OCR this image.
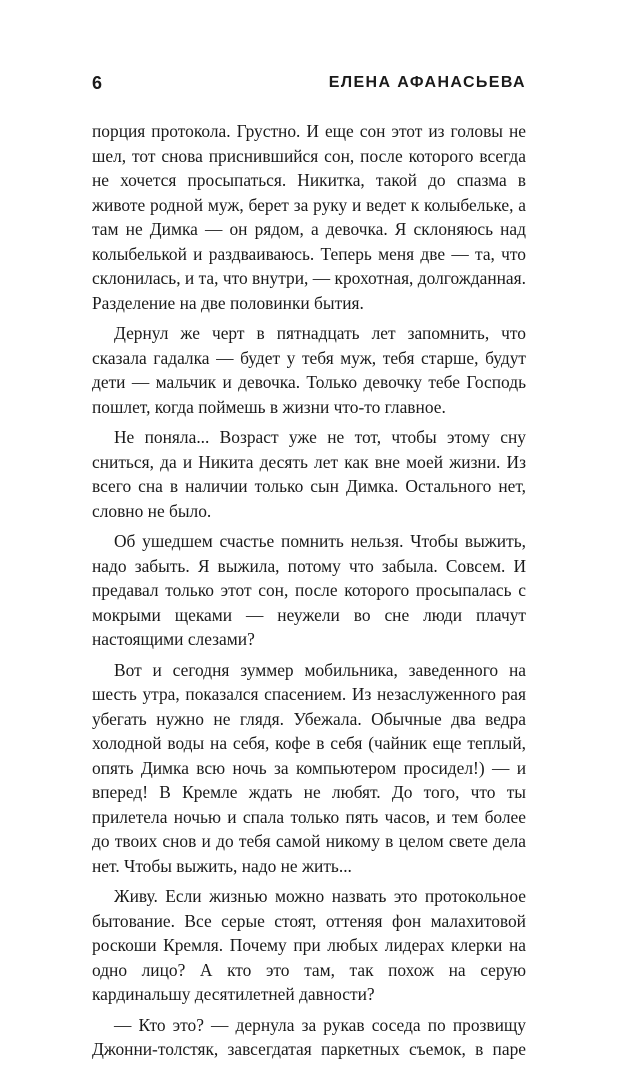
6	ЕЛЕНА АФАНАСЬЕВА

порция протокола. Грустно. И еще сон этот из головы не шел, тот снова приснившийся сон, после которого всегда не хочется просыпаться. Никитка, такой до спазма в животе родной муж, берет за руку и ведет к колыбельке, а там не Димка — он рядом, а девочка. Я склоняюсь над колыбелькой и раздваиваюсь. Теперь меня две — та, что склонилась, и та, что внутри, — крохотная, долгожданная. Разделение на две половинки бытия.

Дернул же черт в пятнадцать лет запомнить, что сказала гадалка — будет у тебя муж, тебя старше, будут дети — мальчик и девочка. Только девочку тебе Господь пошлет, когда поймешь в жизни что-то главное.

Не поняла... Возраст уже не тот, чтобы этому сну сниться, да и Никита десять лет как вне моей жизни. Из всего сна в наличии только сын Димка. Остального нет, словно не было.

Об ушедшем счастье помнить нельзя. Чтобы выжить, надо забыть. Я выжила, потому что забыла. Совсем. И предавал только этот сон, после которого просыпалась с мокрыми щеками — неужели во сне люди плачут настоящими слезами?

Вот и сегодня зуммер мобильника, заведенного на шесть утра, показался спасением. Из незаслуженного рая убегать нужно не глядя. Убежала. Обычные два ведра холодной воды на себя, кофе в себя (чайник еще теплый, опять Димка всю ночь за компьютером просидел!) — и вперед! В Кремле ждать не любят. До того, что ты прилетела ночью и спала только пять часов, и тем более до твоих снов и до тебя самой никому в целом свете дела нет. Чтобы выжить, надо не жить...

Живу. Если жизнью можно назвать это протокольное бытование. Все серые стоят, оттеняя фон малахитовой роскоши Кремля. Почему при любых лидерах клерки на одно лицо? А кто это там, так похож на серую кардинальшу десятилетней давности?

— Кто это? — дернула за рукав соседа по прозвищу Джонни-толстяк, завсегдатая паркетных съемок, в паре
